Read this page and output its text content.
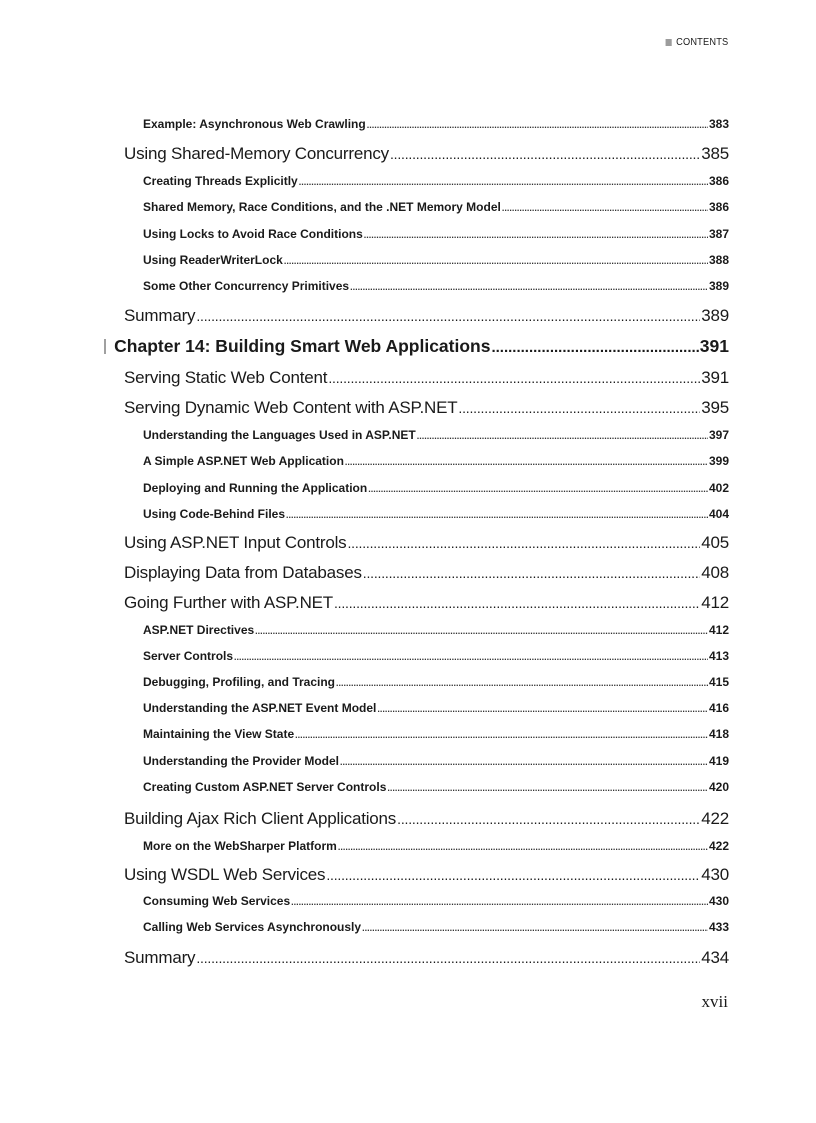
CONTENTS
Example: Asynchronous Web Crawling .....	383
Using Shared-Memory Concurrency .....	385
Creating Threads Explicitly .....	386
Shared Memory, Race Conditions, and the .NET Memory Model .....	386
Using Locks to Avoid Race Conditions .....	387
Using ReaderWriterLock .....	388
Some Other Concurrency Primitives .....	389
Summary .....	389
Chapter 14: Building Smart Web Applications .....	391
Serving Static Web Content .....	391
Serving Dynamic Web Content with ASP.NET .....	395
Understanding the Languages Used in ASP.NET .....	397
A Simple ASP.NET Web Application .....	399
Deploying and Running the Application .....	402
Using Code-Behind Files .....	404
Using ASP.NET Input Controls .....	405
Displaying Data from Databases .....	408
Going Further with ASP.NET .....	412
ASP.NET Directives .....	412
Server Controls .....	413
Debugging, Profiling, and Tracing .....	415
Understanding the ASP.NET Event Model .....	416
Maintaining the View State .....	418
Understanding the Provider Model .....	419
Creating Custom ASP.NET Server Controls .....	420
Building Ajax Rich Client Applications .....	422
More on the WebSharper Platform .....	422
Using WSDL Web Services .....	430
Consuming Web Services .....	430
Calling Web Services Asynchronously .....	433
Summary .....	434
xvii
